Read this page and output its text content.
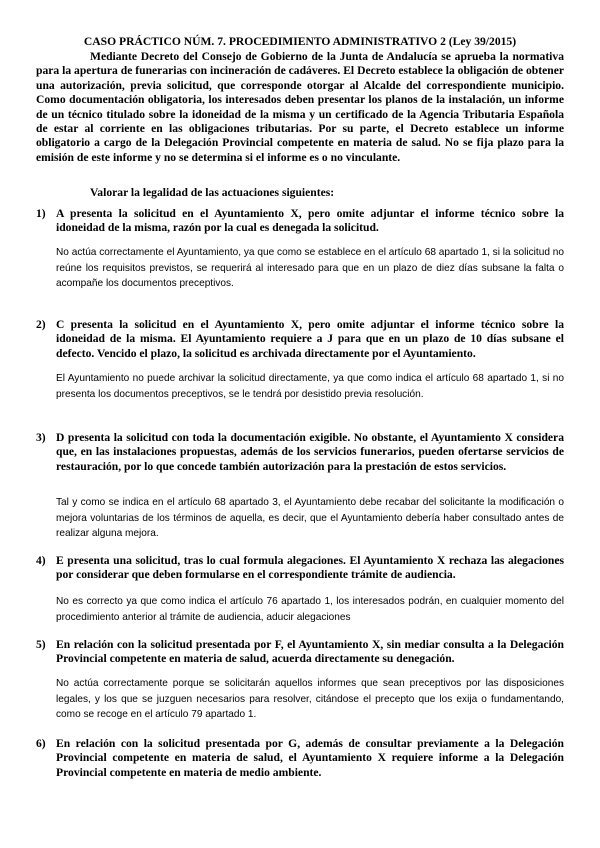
CASO PRÁCTICO NÚM. 7. PROCEDIMIENTO ADMINISTRATIVO 2 (Ley 39/2015)

Mediante Decreto del Consejo de Gobierno de la Junta de Andalucía se aprueba la normativa para la apertura de funerarias con incineración de cadáveres. El Decreto establece la obligación de obtener una autorización, previa solicitud, que corresponde otorgar al Alcalde del correspondiente municipio. Como documentación obligatoria, los interesados deben presentar los planos de la instalación, un informe de un técnico titulado sobre la idoneidad de la misma y un certificado de la Agencia Tributaria Española de estar al corriente en las obligaciones tributarias. Por su parte, el Decreto establece un informe obligatorio a cargo de la Delegación Provincial competente en materia de salud. No se fija plazo para la emisión de este informe y no se determina si el informe es o no vinculante.

Valorar la legalidad de las actuaciones siguientes:

1) A presenta la solicitud en el Ayuntamiento X, pero omite adjuntar el informe técnico sobre la idoneidad de la misma, razón por la cual es denegada la solicitud.

No actúa correctamente el Ayuntamiento, ya que como se establece en el artículo 68 apartado 1, si la solicitud no reúne los requisitos previstos, se requerirá al interesado para que en un plazo de diez días subsane la falta o acompañe los documentos preceptivos.

2) C presenta la solicitud en el Ayuntamiento X, pero omite adjuntar el informe técnico sobre la idoneidad de la misma. El Ayuntamiento requiere a J para que en un plazo de 10 días subsane el defecto. Vencido el plazo, la solicitud es archivada directamente por el Ayuntamiento.

El Ayuntamiento no puede archivar la solicitud directamente, ya que como indica el artículo 68 apartado 1, si no presenta los documentos preceptivos, se le tendrá por desistido previa resolución.

3) D presenta la solicitud con toda la documentación exigible. No obstante, el Ayuntamiento X considera que, en las instalaciones propuestas, además de los servicios funerarios, pueden ofertarse servicios de restauración, por lo que concede también autorización para la prestación de estos servicios.

Tal y como se indica en el artículo 68 apartado 3, el Ayuntamiento debe recabar del solicitante la modificación o mejora voluntarias de los términos de aquella, es decir, que el Ayuntamiento debería haber consultado antes de realizar alguna mejora.

4) E presenta una solicitud, tras lo cual formula alegaciones. El Ayuntamiento X rechaza las alegaciones por considerar que deben formularse en el correspondiente trámite de audiencia.

No es correcto ya que como indica el artículo 76 apartado 1, los interesados podrán, en cualquier momento del procedimiento anterior al trámite de audiencia, aducir alegaciones

5) En relación con la solicitud presentada por F, el Ayuntamiento X, sin mediar consulta a la Delegación Provincial competente en materia de salud, acuerda directamente su denegación.

No actúa correctamente porque se solicitarán aquellos informes que sean preceptivos por las disposiciones legales, y los que se juzguen necesarios para resolver, citándose el precepto que los exija o fundamentando, como se recoge en el artículo 79 apartado 1.

6) En relación con la solicitud presentada por G, además de consultar previamente a la Delegación Provincial competente en materia de salud, el Ayuntamiento X requiere informe a la Delegación Provincial competente en materia de medio ambiente.
